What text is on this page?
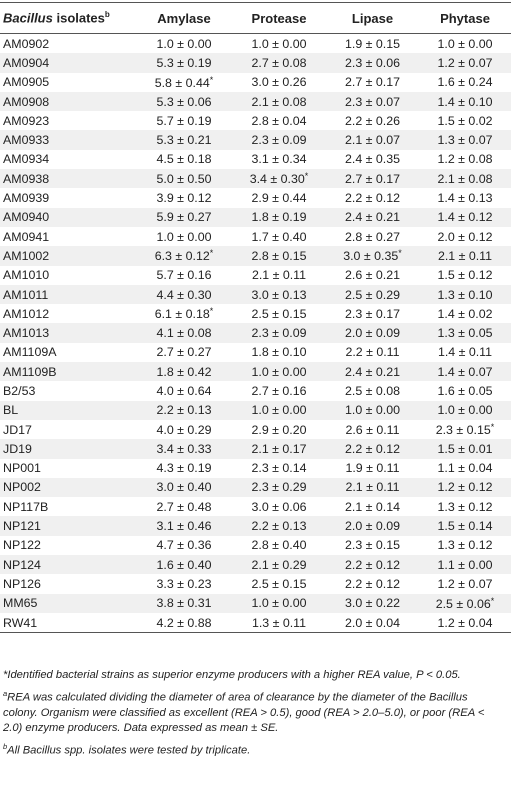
Bacillus isolates$^b$	Amylase	Protease	Lipase	Phytase
AM0902	1.0 ± 0.00	1.0 ± 0.00	1.9 ± 0.15	1.0 ± 0.00
AM0904	5.3 ± 0.19	2.7 ± 0.08	2.3 ± 0.06	1.2 ± 0.07
AM0905	5.8 ± 0.44*	3.0 ± 0.26	2.7 ± 0.17	1.6 ± 0.24
AM0908	5.3 ± 0.06	2.1 ± 0.08	2.3 ± 0.07	1.4 ± 0.10
AM0923	5.7 ± 0.19	2.8 ± 0.04	2.2 ± 0.26	1.5 ± 0.02
AM0933	5.3 ± 0.21	2.3 ± 0.09	2.1 ± 0.07	1.3 ± 0.07
AM0934	4.5 ± 0.18	3.1 ± 0.34	2.4 ± 0.35	1.2 ± 0.08
AM0938	5.0 ± 0.50	3.4 ± 0.30*	2.7 ± 0.17	2.1 ± 0.08
AM0939	3.9 ± 0.12	2.9 ± 0.44	2.2 ± 0.12	1.4 ± 0.13
AM0940	5.9 ± 0.27	1.8 ± 0.19	2.4 ± 0.21	1.4 ± 0.12
AM0941	1.0 ± 0.00	1.7 ± 0.40	2.8 ± 0.27	2.0 ± 0.12
AM1002	6.3 ± 0.12*	2.8 ± 0.15	3.0 ± 0.35*	2.1 ± 0.11
AM1010	5.7 ± 0.16	2.1 ± 0.11	2.6 ± 0.21	1.5 ± 0.12
AM1011	4.4 ± 0.30	3.0 ± 0.13	2.5 ± 0.29	1.3 ± 0.10
AM1012	6.1 ± 0.18*	2.5 ± 0.15	2.3 ± 0.17	1.4 ± 0.02
AM1013	4.1 ± 0.08	2.3 ± 0.09	2.0 ± 0.09	1.3 ± 0.05
AM1109A	2.7 ± 0.27	1.8 ± 0.10	2.2 ± 0.11	1.4 ± 0.11
AM1109B	1.8 ± 0.42	1.0 ± 0.00	2.4 ± 0.21	1.4 ± 0.07
B2/53	4.0 ± 0.64	2.7 ± 0.16	2.5 ± 0.08	1.6 ± 0.05
BL	2.2 ± 0.13	1.0 ± 0.00	1.0 ± 0.00	1.0 ± 0.00
JD17	4.0 ± 0.29	2.9 ± 0.20	2.6 ± 0.11	2.3 ± 0.15*
JD19	3.4 ± 0.33	2.1 ± 0.17	2.2 ± 0.12	1.5 ± 0.01
NP001	4.3 ± 0.19	2.3 ± 0.14	1.9 ± 0.11	1.1 ± 0.04
NP002	3.0 ± 0.40	2.3 ± 0.29	2.1 ± 0.11	1.2 ± 0.12
NP117B	2.7 ± 0.48	3.0 ± 0.06	2.1 ± 0.14	1.3 ± 0.12
NP121	3.1 ± 0.46	2.2 ± 0.13	2.0 ± 0.09	1.5 ± 0.14
NP122	4.7 ± 0.36	2.8 ± 0.40	2.3 ± 0.15	1.3 ± 0.12
NP124	1.6 ± 0.40	2.1 ± 0.29	2.2 ± 0.12	1.1 ± 0.00
NP126	3.3 ± 0.23	2.5 ± 0.15	2.2 ± 0.12	1.2 ± 0.07
MM65	3.8 ± 0.31	1.0 ± 0.00	3.0 ± 0.22	2.5 ± 0.06*
RW41	4.2 ± 0.88	1.3 ± 0.11	2.0 ± 0.04	1.2 ± 0.04

*Identified bacterial strains as superior enzyme producers with a higher REA value, P < 0.05.

$^a$REA was calculated dividing the diameter of area of clearance by the diameter of the Bacillus colony. Organism were classified as excellent (REA > 0.5), good (REA > 2.0–5.0), or poor (REA < 2.0) enzyme producers. Data expressed as mean ± SE.

$^b$All Bacillus spp. isolates were tested by triplicate.
